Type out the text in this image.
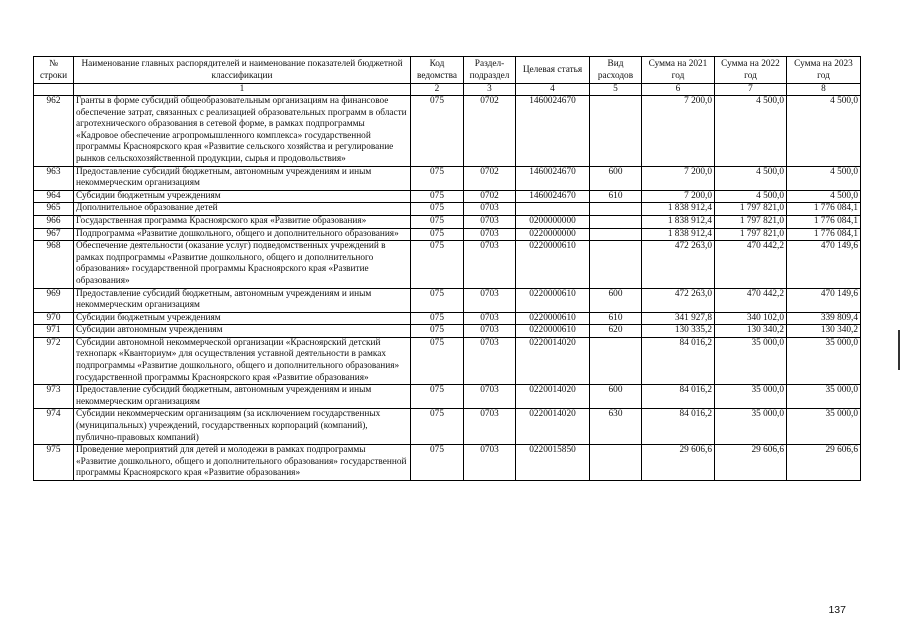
№ строки	Наименование главных распорядителей и наименование показателей бюджетной классификации	Код ведомства	Раздел-подраздел	Целевая статья	Вид расходов	Сумма на 2021 год	Сумма на 2022 год	Сумма на 2023 год
	1	2	3	4	5	6	7	8
962	Гранты в форме субсидий общеобразовательным организациям на финансовое обеспечение затрат, связанных с реализацией образовательных программ в области агротехнического образования в сетевой форме, в рамках подпрограммы «Кадровое обеспечение агропромышленного комплекса» государственной программы Красноярского края «Развитие сельского хозяйства и регулирование рынков сельскохозяйственной продукции, сырья и продовольствия»	075	0702	1460024670		7 200,0	4 500,0	4 500,0
963	Предоставление субсидий бюджетным, автономным учреждениям и иным некоммерческим организациям	075	0702	1460024670	600	7 200,0	4 500,0	4 500,0
964	Субсидии бюджетным учреждениям	075	0702	1460024670	610	7 200,0	4 500,0	4 500,0
965	Дополнительное образование детей	075	0703			1 838 912,4	1 797 821,0	1 776 084,1
966	Государственная программа Красноярского края «Развитие образования»	075	0703	0200000000		1 838 912,4	1 797 821,0	1 776 084,1
967	Подпрограмма «Развитие дошкольного, общего и дополнительного образования»	075	0703	0220000000		1 838 912,4	1 797 821,0	1 776 084,1
968	Обеспечение деятельности (оказание услуг) подведомственных учреждений в рамках подпрограммы «Развитие дошкольного, общего и дополнительного образования» государственной программы Красноярского края «Развитие образования»	075	0703	0220000610		472 263,0	470 442,2	470 149,6
969	Предоставление субсидий бюджетным, автономным учреждениям и иным некоммерческим организациям	075	0703	0220000610	600	472 263,0	470 442,2	470 149,6
970	Субсидии бюджетным учреждениям	075	0703	0220000610	610	341 927,8	340 102,0	339 809,4
971	Субсидии автономным учреждениям	075	0703	0220000610	620	130 335,2	130 340,2	130 340,2
972	Субсидии автономной некоммерческой организации «Красноярский детский технопарк «Кванториум» для осуществления уставной деятельности в рамках подпрограммы «Развитие дошкольного, общего и дополнительного образования» государственной программы Красноярского края «Развитие образования»	075	0703	0220014020		84 016,2	35 000,0	35 000,0
973	Предоставление субсидий бюджетным, автономным учреждениям и иным некоммерческим организациям	075	0703	0220014020	600	84 016,2	35 000,0	35 000,0
974	Субсидии некоммерческим организациям (за исключением государственных (муниципальных) учреждений, государственных корпораций (компаний), публично-правовых компаний)	075	0703	0220014020	630	84 016,2	35 000,0	35 000,0
975	Проведение мероприятий для детей и молодежи в рамках подпрограммы «Развитие дошкольного, общего и дополнительного образования» государственной программы Красноярского края «Развитие образования»	075	0703	0220015850		29 606,6	29 606,6	29 606,6
137
